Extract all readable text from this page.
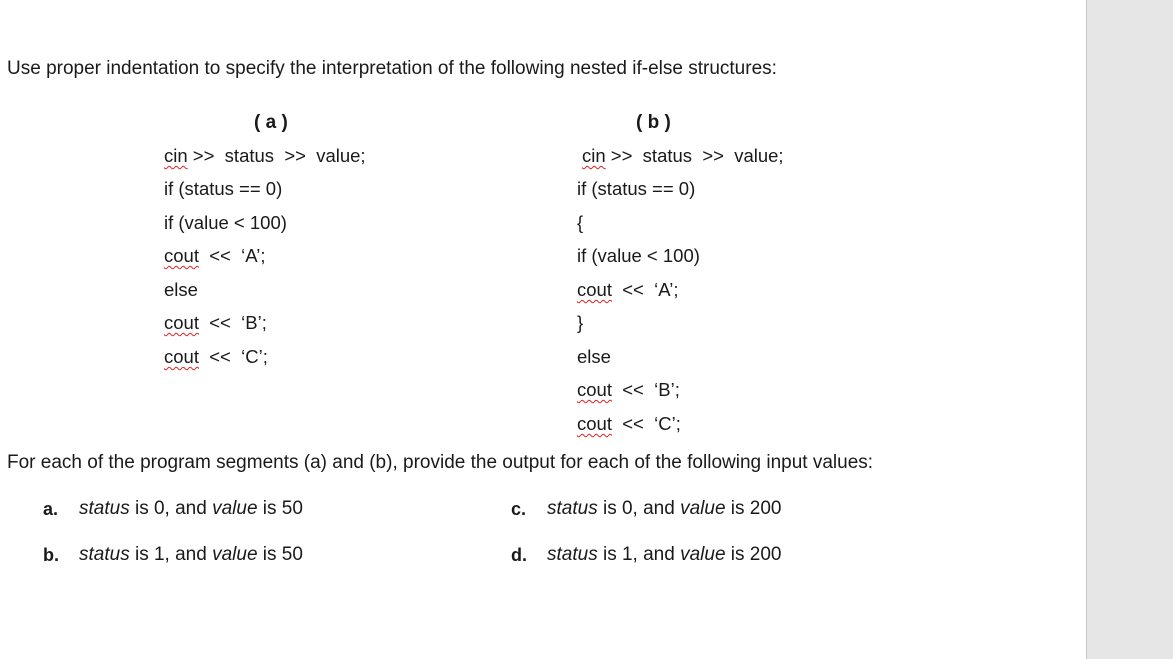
Use proper indentation to specify the interpretation of the following nested if-else structures:
( a )
cin >>  status  >>  value;
if (status == 0)
if (value < 100)
cout  <<  ‘A’;
else
cout  <<  ‘B’;
cout  <<  ‘C’;
( b )
cin >>  status  >>  value;
if (status == 0)
{
if (value < 100)
cout  <<  ‘A’;
}
else
cout  <<  ‘B’;
cout  <<  ‘C’;
For each of the program segments (a) and (b), provide the output for each of the following input values:
a. status is 0, and value is 50
b. status is 1, and value is 50
c. status is 0, and value is 200
d. status is 1, and value is 200
